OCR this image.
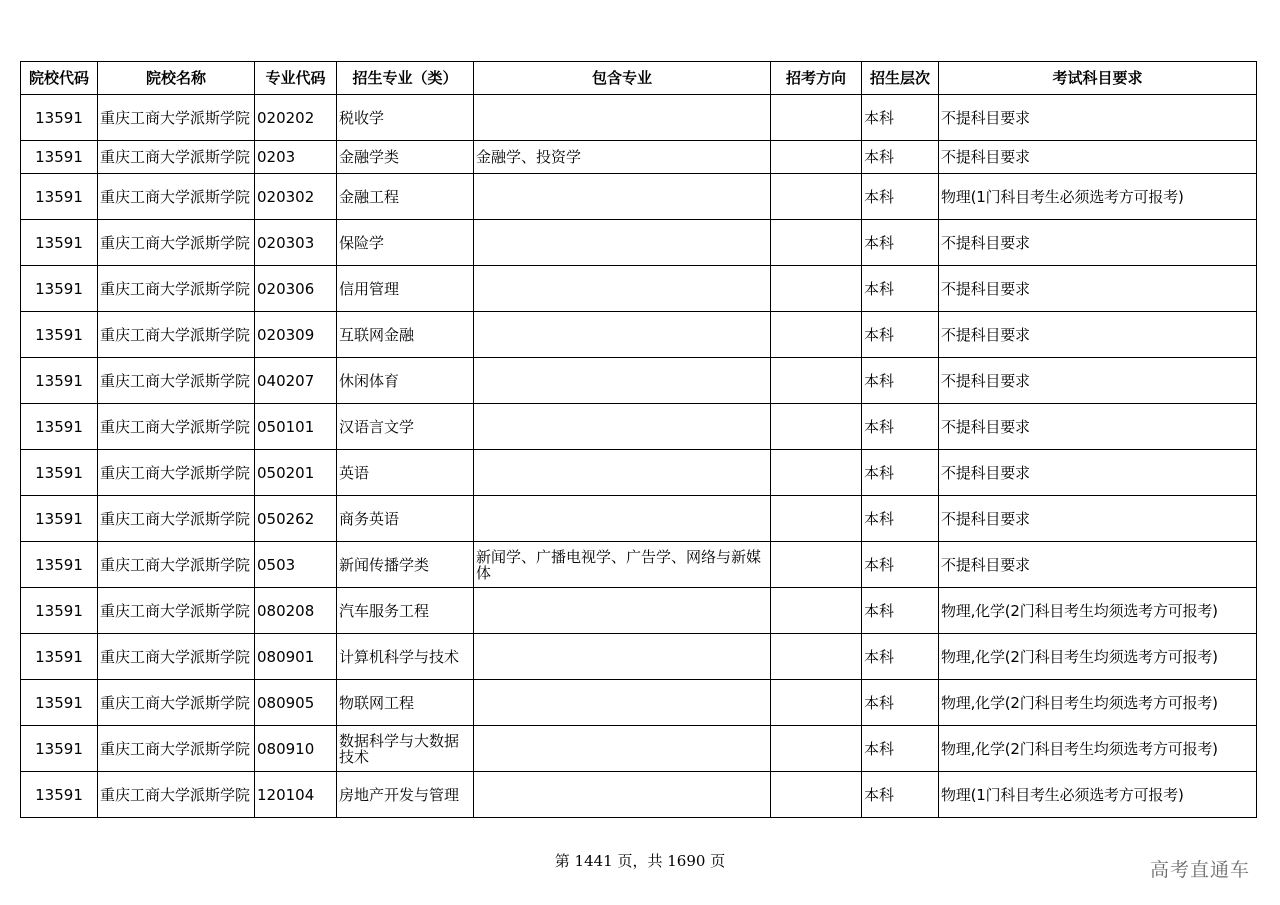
院校代码	院校名称	专业代码	招生专业（类）	包含专业	招考方向	招生层次	考试科目要求
13591	重庆工商大学派斯学院	020202	税收学			本科	不提科目要求
13591	重庆工商大学派斯学院	0203	金融学类	金融学、投资学		本科	不提科目要求
13591	重庆工商大学派斯学院	020302	金融工程			本科	物理(1门科目考生必须选考方可报考)
13591	重庆工商大学派斯学院	020303	保险学			本科	不提科目要求
13591	重庆工商大学派斯学院	020306	信用管理			本科	不提科目要求
13591	重庆工商大学派斯学院	020309	互联网金融			本科	不提科目要求
13591	重庆工商大学派斯学院	040207	休闲体育			本科	不提科目要求
13591	重庆工商大学派斯学院	050101	汉语言文学			本科	不提科目要求
13591	重庆工商大学派斯学院	050201	英语			本科	不提科目要求
13591	重庆工商大学派斯学院	050262	商务英语			本科	不提科目要求
13591	重庆工商大学派斯学院	0503	新闻传播学类	新闻学、广播电视学、广告学、网络与新媒体		本科	不提科目要求
13591	重庆工商大学派斯学院	080208	汽车服务工程			本科	物理,化学(2门科目考生均须选考方可报考)
13591	重庆工商大学派斯学院	080901	计算机科学与技术			本科	物理,化学(2门科目考生均须选考方可报考)
13591	重庆工商大学派斯学院	080905	物联网工程			本科	物理,化学(2门科目考生均须选考方可报考)
13591	重庆工商大学派斯学院	080910	数据科学与大数据技术			本科	物理,化学(2门科目考生均须选考方可报考)
13591	重庆工商大学派斯学院	120104	房地产开发与管理			本科	物理(1门科目考生必须选考方可报考)
第 1441 页，共 1690 页	高考直通车
